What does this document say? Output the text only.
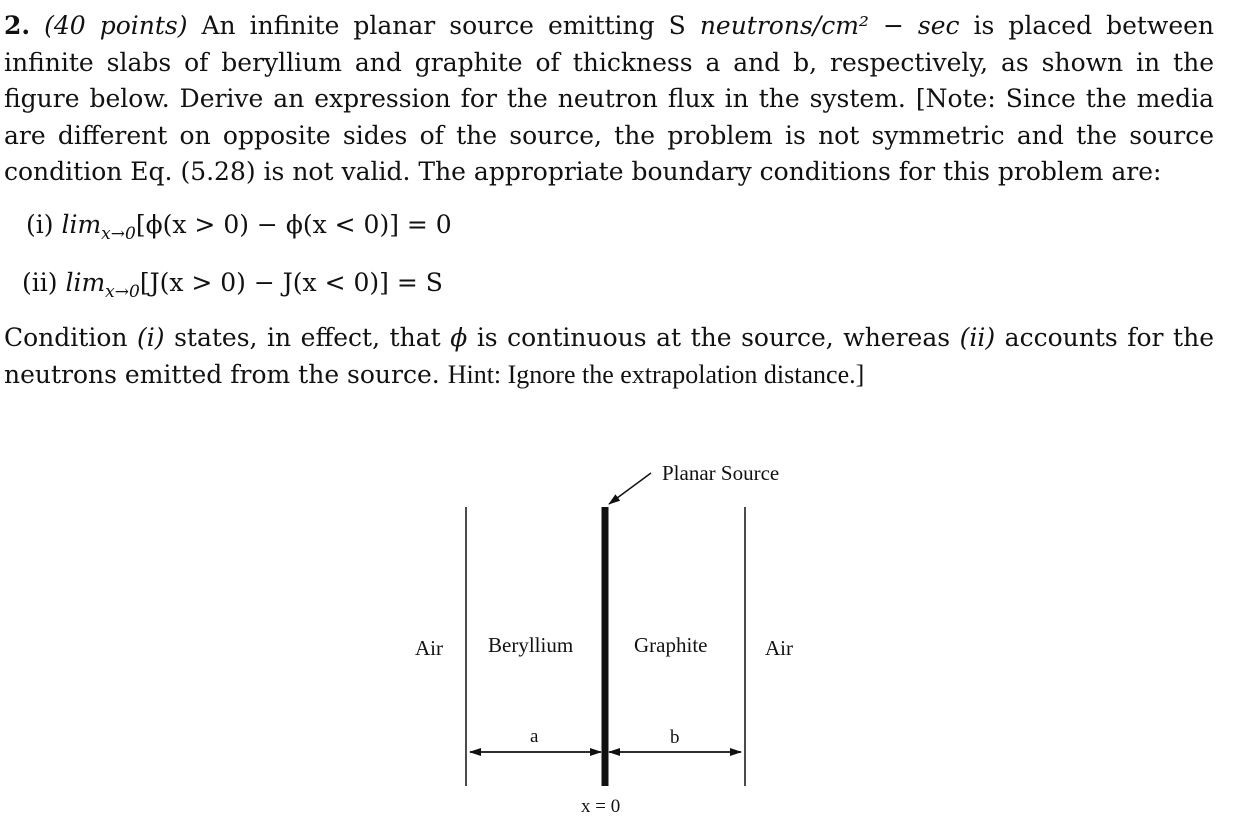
2. (40 points) An infinite planar source emitting S neutrons/cm² − sec is placed between infinite slabs of beryllium and graphite of thickness a and b, respectively, as shown in the figure below. Derive an expression for the neutron flux in the system. [Note: Since the media are different on opposite sides of the source, the problem is not symmetric and the source condition Eq. (5.28) is not valid. The appropriate boundary conditions for this problem are:
(i) $\lim_{x\to 0}[\phi(x > 0) - \phi(x < 0)] = 0$
(ii) $\lim_{x\to 0}[J(x > 0) - J(x < 0)] = S$
Condition (i) states, in effect, that ϕ is continuous at the source, whereas (ii) accounts for the neutrons emitted from the source. Hint: Ignore the extrapolation distance.]
Planar Source
Air Beryllium	Graphite	Air
a	b
x = 0
